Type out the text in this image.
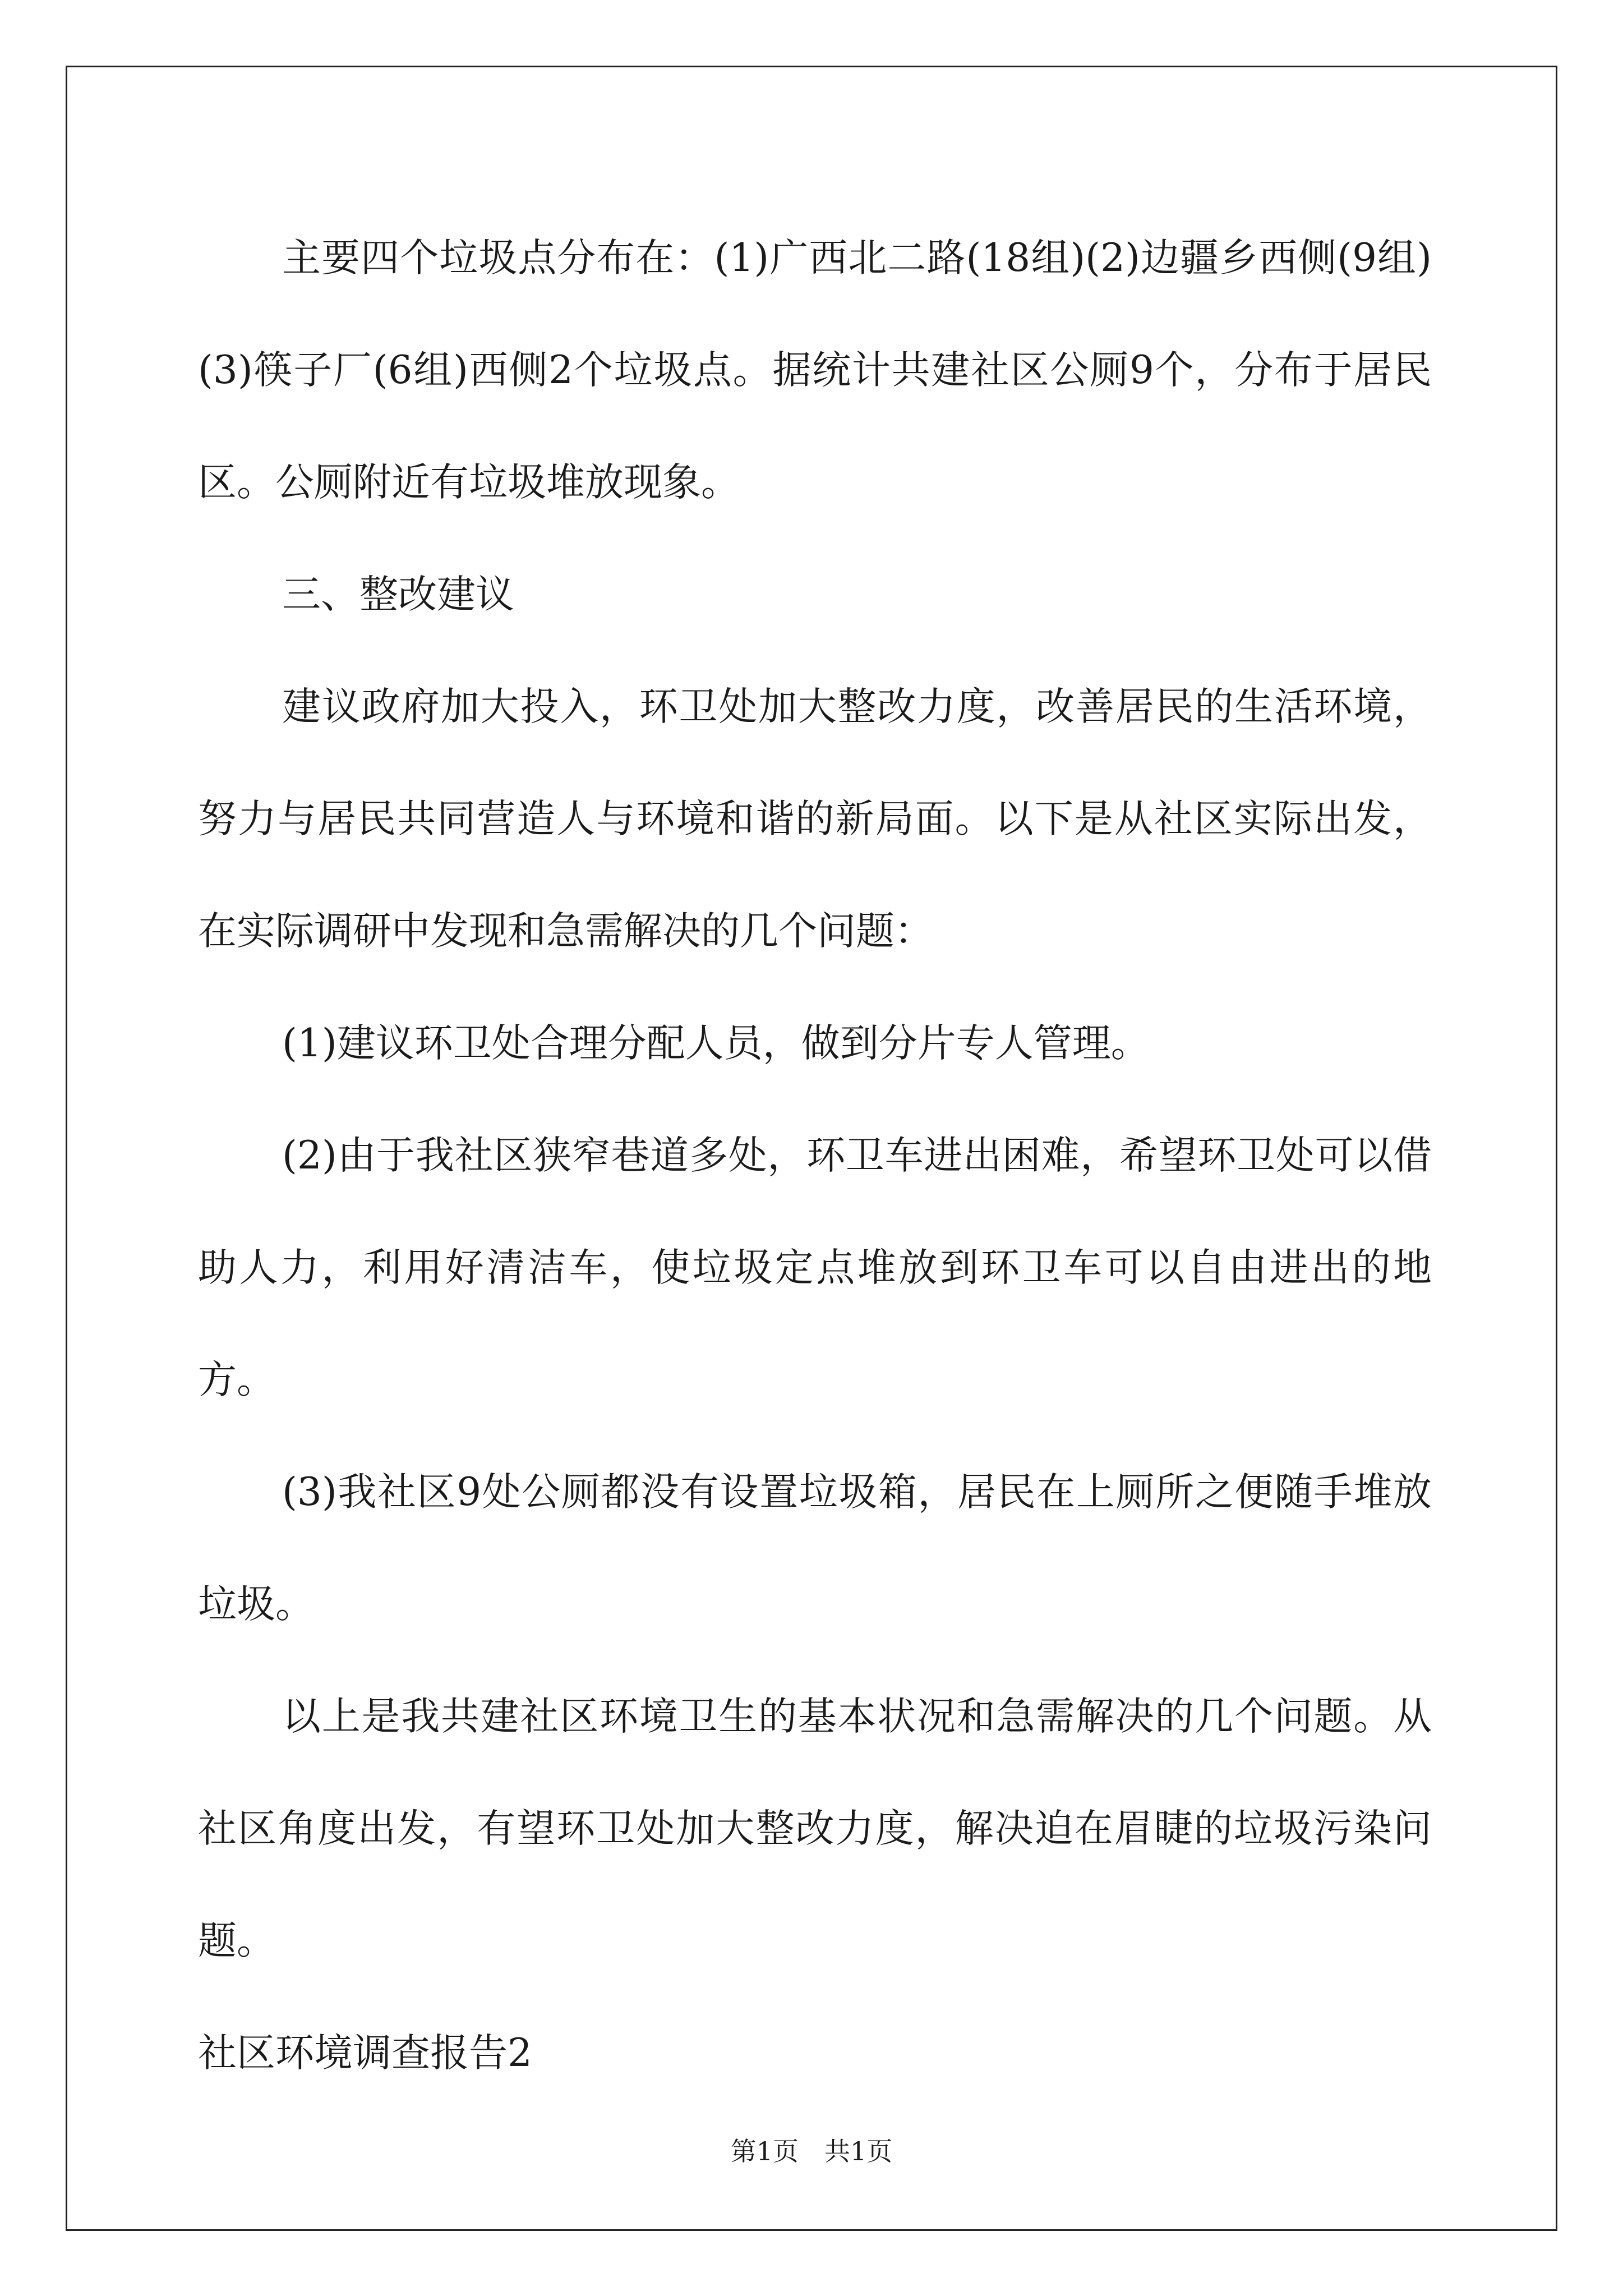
主要四个垃圾点分布在：(1)广西北二路(18组)(2)边疆乡西侧(9组)(3)筷子厂(6组)西侧2个垃圾点。据统计共建社区公厕9个，分布于居民区。公厕附近有垃圾堆放现象。

三、整改建议

建议政府加大投入，环卫处加大整改力度，改善居民的生活环境，努力与居民共同营造人与环境和谐的新局面。以下是从社区实际出发，在实际调研中发现和急需解决的几个问题：

(1)建议环卫处合理分配人员，做到分片专人管理。

(2)由于我社区狭窄巷道多处，环卫车进出困难，希望环卫处可以借助人力，利用好清洁车，使垃圾定点堆放到环卫车可以自由进出的地方。

(3)我社区9处公厕都没有设置垃圾箱，居民在上厕所之便随手堆放垃圾。

以上是我共建社区环境卫生的基本状况和急需解决的几个问题。从社区角度出发，有望环卫处加大整改力度，解决迫在眉睫的垃圾污染问题。

社区环境调查报告2

第1页 共1页
